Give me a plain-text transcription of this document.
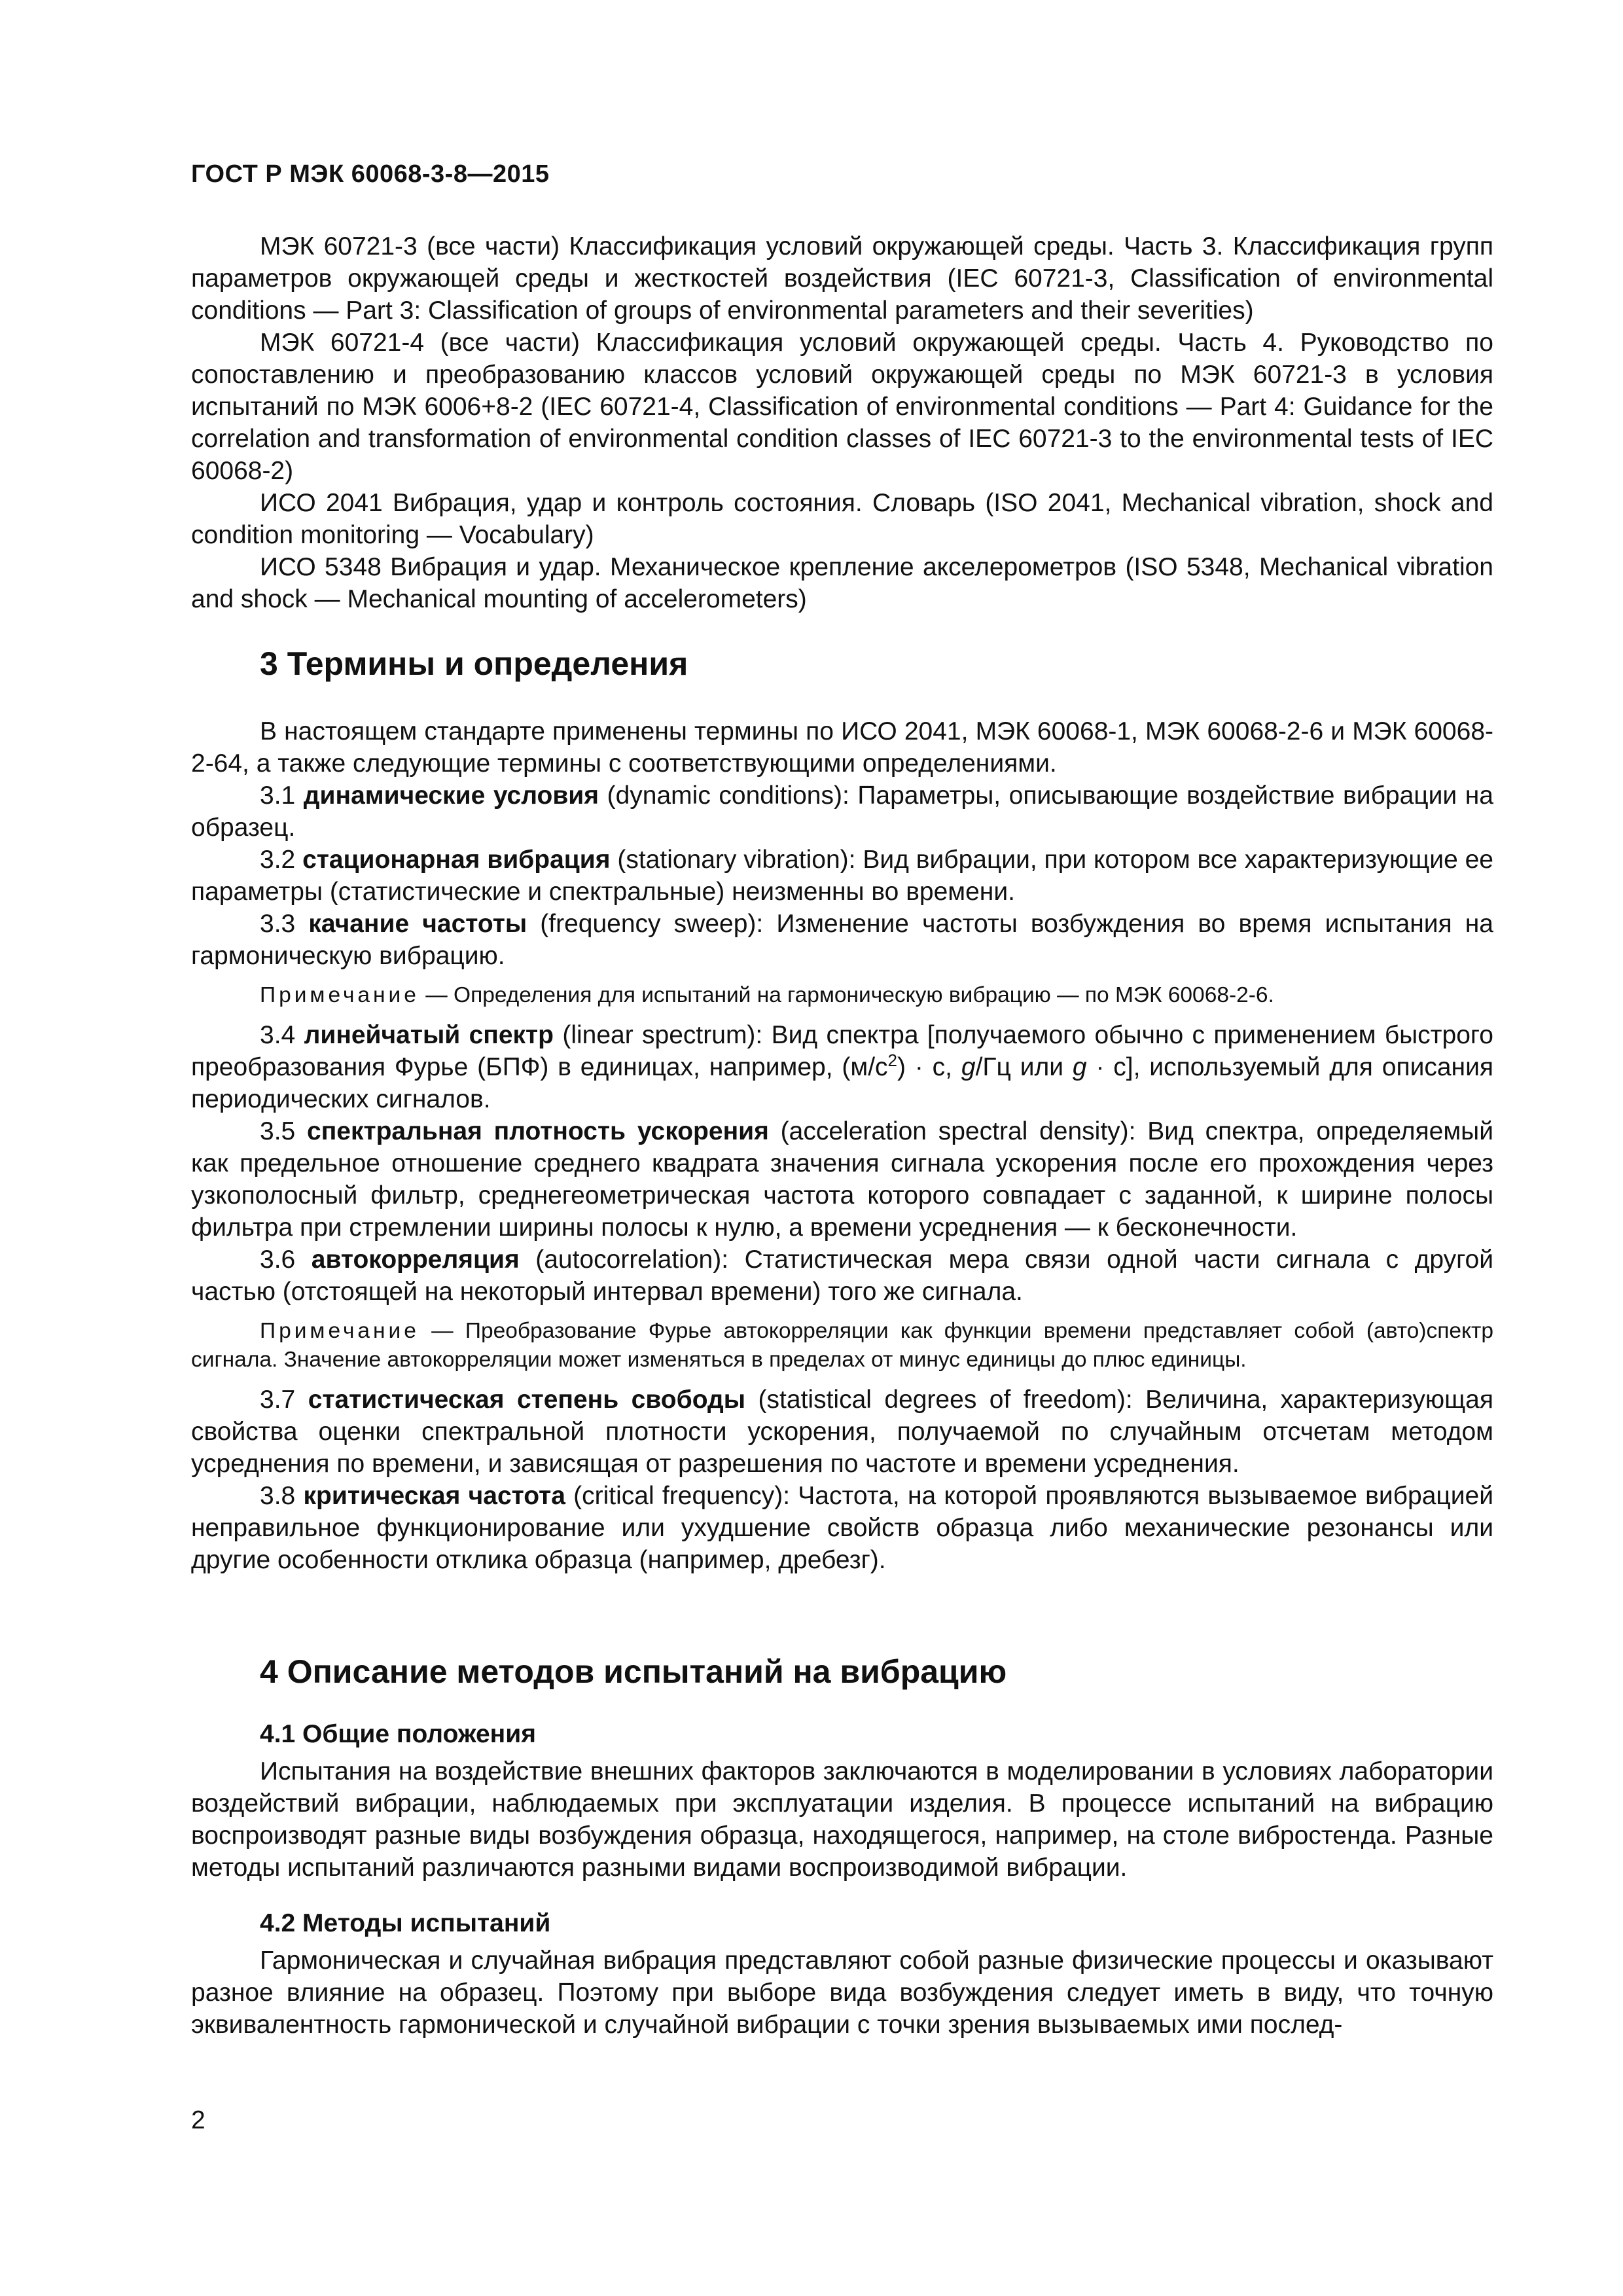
ГОСТ Р МЭК 60068-3-8—2015

МЭК 60721-3 (все части) Классификация условий окружающей среды. Часть 3. Классификация групп параметров окружающей среды и жесткостей воздействия (IEC 60721-3, Classification of environmental conditions — Part 3: Classification of groups of environmental parameters and their severities)

МЭК 60721-4 (все части) Классификация условий окружающей среды. Часть 4. Руководство по сопоставлению и преобразованию классов условий окружающей среды по МЭК 60721-3 в условия испытаний по МЭК 6006+8-2 (IEC 60721-4, Classification of environmental conditions — Part 4: Guidance for the correlation and transformation of environmental condition classes of IEC 60721-3 to the environmental tests of IEC 60068-2)

ИСО 2041 Вибрация, удар и контроль состояния. Словарь (ISO 2041, Mechanical vibration, shock and condition monitoring — Vocabulary)

ИСО 5348 Вибрация и удар. Механическое крепление акселерометров (ISO 5348, Mechanical vibration and shock — Mechanical mounting of accelerometers)

3 Термины и определения

В настоящем стандарте применены термины по ИСО 2041, МЭК 60068-1, МЭК 60068-2-6 и МЭК 60068-2-64, а также следующие термины с соответствующими определениями.

3.1 динамические условия (dynamic conditions): Параметры, описывающие воздействие вибрации на образец.

3.2 стационарная вибрация (stationary vibration): Вид вибрации, при котором все характеризующие ее параметры (статистические и спектральные) неизменны во времени.

3.3 качание частоты (frequency sweep): Изменение частоты возбуждения во время испытания на гармоническую вибрацию.

Примечание — Определения для испытаний на гармоническую вибрацию — по МЭК 60068-2-6.

3.4 линейчатый спектр (linear spectrum): Вид спектра [получаемого обычно с применением быстрого преобразования Фурье (БПФ) в единицах, например, $(м/с^2) \cdot с$, g/Гц или g · с], используемый для описания периодических сигналов.

3.5 спектральная плотность ускорения (acceleration spectral density): Вид спектра, определяемый как предельное отношение среднего квадрата значения сигнала ускорения после его прохождения через узкополосный фильтр, среднегеометрическая частота которого совпадает с заданной, к ширине полосы фильтра при стремлении ширины полосы к нулю, а времени усреднения — к бесконечности.

3.6 автокорреляция (autocorrelation): Статистическая мера связи одной части сигнала с другой частью (отстоящей на некоторый интервал времени) того же сигнала.

Примечание — Преобразование Фурье автокорреляции как функции времени представляет собой (авто)спектр сигнала. Значение автокорреляции может изменяться в пределах от минус единицы до плюс единицы.

3.7 статистическая степень свободы (statistical degrees of freedom): Величина, характеризующая свойства оценки спектральной плотности ускорения, получаемой по случайным отсчетам методом усреднения по времени, и зависящая от разрешения по частоте и времени усреднения.

3.8 критическая частота (critical frequency): Частота, на которой проявляются вызываемое вибрацией неправильное функционирование или ухудшение свойств образца либо механические резонансы или другие особенности отклика образца (например, дребезг).

4 Описание методов испытаний на вибрацию

4.1 Общие положения

Испытания на воздействие внешних факторов заключаются в моделировании в условиях лаборатории воздействий вибрации, наблюдаемых при эксплуатации изделия. В процессе испытаний на вибрацию воспроизводят разные виды возбуждения образца, находящегося, например, на столе вибростенда. Разные методы испытаний различаются разными видами воспроизводимой вибрации.

4.2 Методы испытаний

Гармоническая и случайная вибрация представляют собой разные физические процессы и оказывают разное влияние на образец. Поэтому при выборе вида возбуждения следует иметь в виду, что точную эквивалентность гармонической и случайной вибрации с точки зрения вызываемых ими послед-

2
